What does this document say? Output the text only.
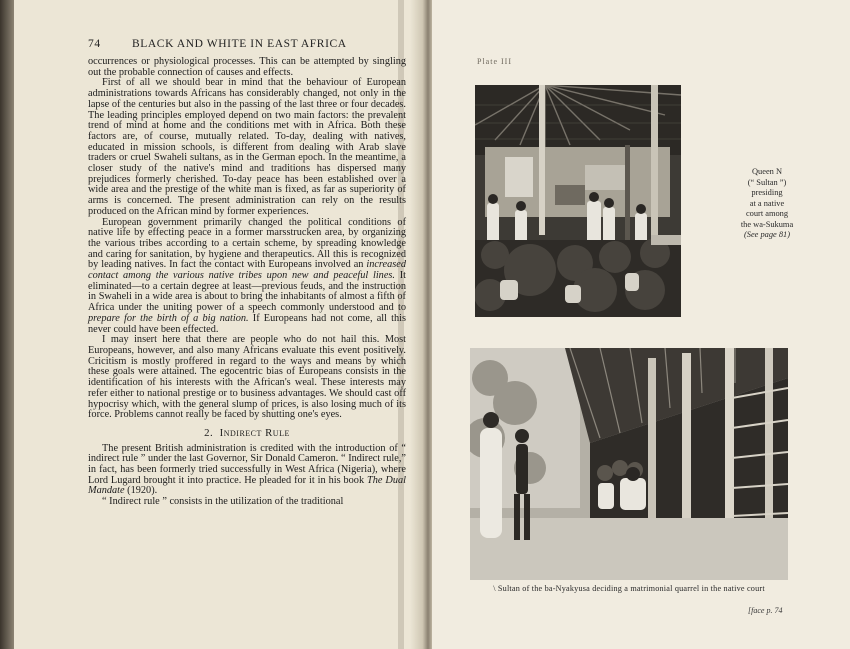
74	BLACK AND WHITE IN EAST AFRICA

occurrences or physiological processes. This can be attempted by singling out the probable connection of causes and effects.

First of all we should bear in mind that the behaviour of European administrations towards Africans has considerably changed, not only in the lapse of the centuries but also in the passing of the last three or four decades. The leading principles employed depend on two main factors: the prevalent trend of mind at home and the conditions met with in Africa. Both these factors are, of course, mutually related. To-day, dealing with natives, educated in mission schools, is different from dealing with Arab slave traders or cruel Swaheli sultans, as in the German epoch. In the meantime, a closer study of the native's mind and traditions has dispersed many prejudices formerly cherished. To-day peace has been established over a wide area and the prestige of the white man is fixed, as far as superiority of arms is concerned. The present administration can rely on the results produced on the African mind by former experiences.

European government primarily changed the political conditions of native life by effecting peace in a former marsstrucken area, by organizing the various tribes according to a certain scheme, by spreading knowledge and caring for sanitation, by hygiene and therapeutics. All this is recognized by leading natives. In fact the contact with Europeans involved an increased contact among the various native tribes upon new and peaceful lines. It eliminated—to a certain degree at least—previous feuds, and the instruction in Swaheli in a wide area is about to bring the inhabitants of almost a fifth of Africa under the uniting power of a speech commonly understood and to prepare for the birth of a big nation. If Europeans had not come, all this never could have been effected.

I may insert here that there are people who do not hail this. Most Europeans, however, and also many Africans evaluate this event positively. Cricitism is mostly proffered in regard to the ways and means by which these goals were attained. The egocentric bias of Europeans consists in the identification of his interests with the African's weal. These interests may refer either to national prestige or to business advantages. We should cast off hypocrisy which, with the general slump of prices, is also losing much of its force. Problems cannot really be faced by shutting one's eyes.

2. Indirect Rule

The present British administration is credited with the introduction of “ indirect rule ” under the last Governor, Sir Donald Cameron. “ Indirect rule,” in fact, has been formerly tried successfully in West Africa (Nigeria), where Lord Lugard brought it into practice. He pleaded for it in his book The Dual Mandate (1920).

“ Indirect rule ” consists in the utilization of the traditional

Plate III
Queen N
(“ Sultan ”)
presiding
at a native
court among
the wa-Sukuma
(See page 81)
\ Sultan of the ba-Nyakyusa deciding a matrimonial quarrel in the native court
[face p. 74
